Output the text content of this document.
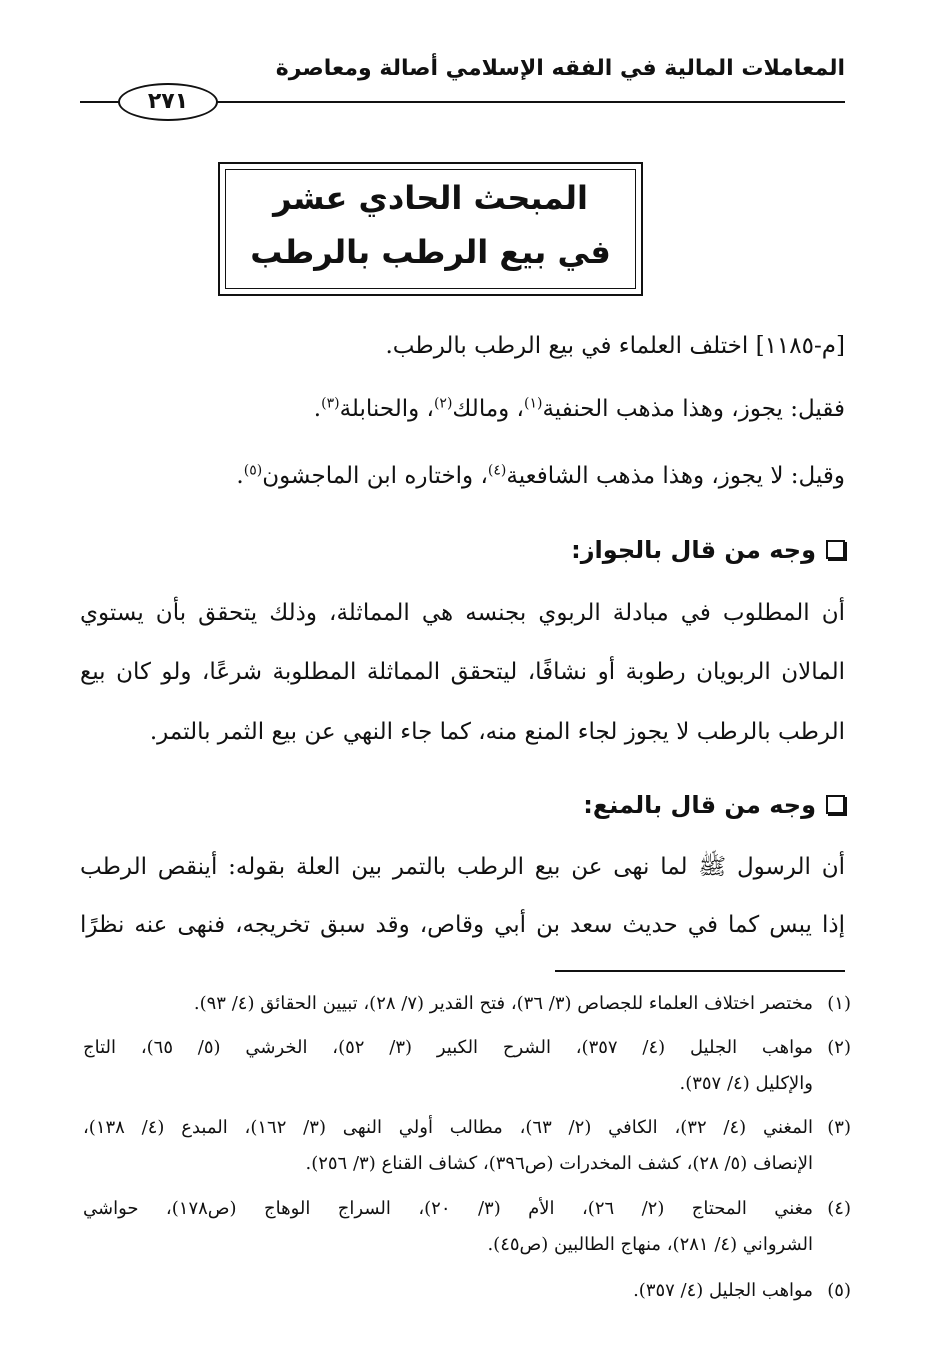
المعاملات المالية في الفقه الإسلامي أصالة ومعاصرة
٢٧١
المبحث الحادي عشر
في بيع الرطب بالرطب
[م-١١٨٥] اختلف العلماء في بيع الرطب بالرطب.
فقيل: يجوز، وهذا مذهب الحنفية$^{(١)}$، ومالك$^{(٢)}$، والحنابلة$^{(٣)}$.
وقيل: لا يجوز، وهذا مذهب الشافعية$^{(٤)}$، واختاره ابن الماجشون$^{(٥)}$.
وجه من قال بالجواز:
أن المطلوب في مبادلة الربوي بجنسه هي المماثلة، وذلك يتحقق بأن يستوي
المالان الربويان رطوبة أو نشافًا، ليتحقق المماثلة المطلوبة شرعًا، ولو كان بيع
الرطب بالرطب لا يجوز لجاء المنع منه، كما جاء النهي عن بيع الثمر بالتمر.
وجه من قال بالمنع:
أن الرسول ﷺ لما نهى عن بيع الرطب بالتمر بين العلة بقوله: أينقص الرطب
إذا يبس كما في حديث سعد بن أبي وقاص، وقد سبق تخريجه، فنهى عنه نظرًا
(١)
مختصر اختلاف العلماء للجصاص (٣/ ٣٦)، فتح القدير (٧/ ٢٨)، تبيين الحقائق (٤/ ٩٣).
(٢)
مواهب الجليل (٤/ ٣٥٧)، الشرح الكبير (٣/ ٥٢)، الخرشي (٥/ ٦٥)، التاج
والإكليل (٤/ ٣٥٧).
(٣)
المغني (٤/ ٣٢)، الكافي (٢/ ٦٣)، مطالب أولي النهى (٣/ ١٦٢)، المبدع (٤/ ١٣٨)،
الإنصاف (٥/ ٢٨)، كشف المخدرات (ص٣٩٦)، كشاف القناع (٣/ ٢٥٦).
(٤)
مغني المحتاج (٢/ ٢٦)، الأم (٣/ ٢٠)، السراج الوهاج (ص١٧٨)، حواشي
الشرواني (٤/ ٢٨١)، منهاج الطالبين (ص٤٥).
(٥)
مواهب الجليل (٤/ ٣٥٧).
